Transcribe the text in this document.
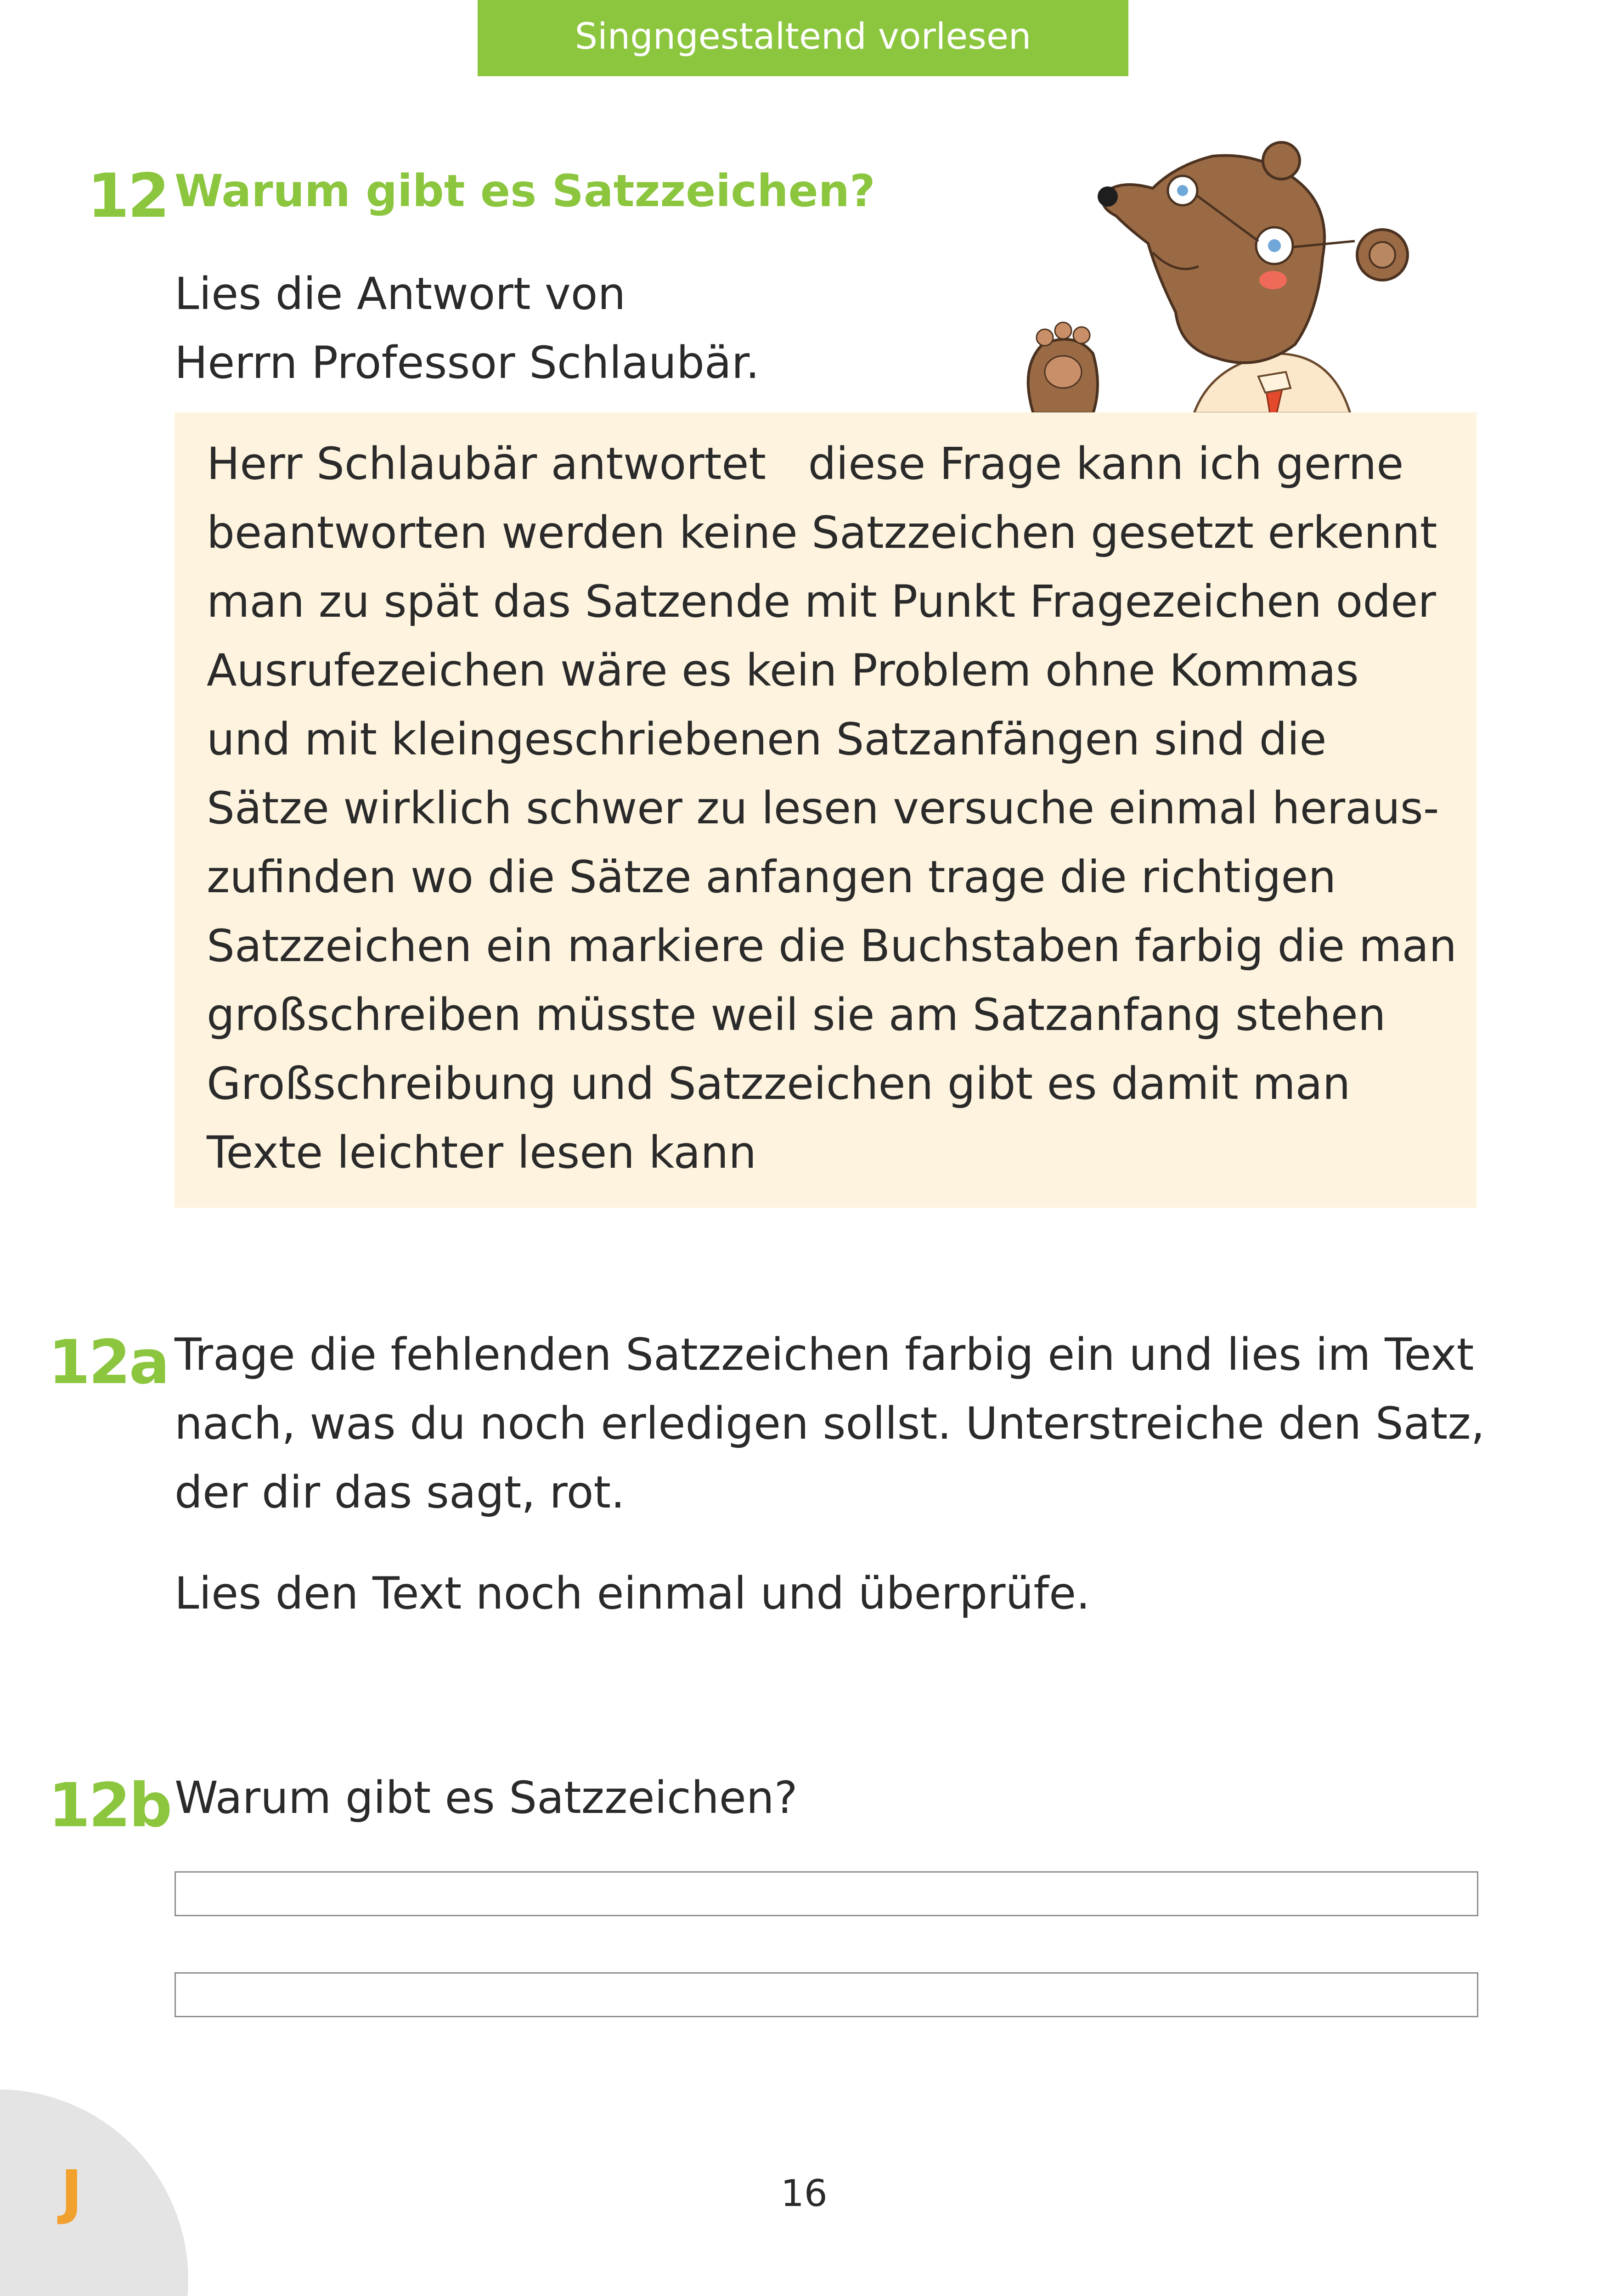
Singngestaltend vorlesen
12 Warum gibt es Satzzeichen?
Lies die Antwort von
Herrn Professor Schlaubär.
Herr Schlaubär antwortet   diese Frage kann ich gerne
beantworten werden keine Satzzeichen gesetzt erkennt
man zu spät das Satzende mit Punkt Fragezeichen oder
Ausrufezeichen wäre es kein Problem ohne Kommas
und mit kleingeschriebenen Satzanfängen sind die
Sätze wirklich schwer zu lesen versuche einmal heraus-
zufinden wo die Sätze anfangen trage die richtigen
Satzzeichen ein markiere die Buchstaben farbig die man
großschreiben müsste weil sie am Satzanfang stehen
Großschreibung und Satzzeichen gibt es damit man
Texte leichter lesen kann
12a Trage die fehlenden Satzzeichen farbig ein und lies im Text
nach, was du noch erledigen sollst. Unterstreiche den Satz,
der dir das sagt, rot.
Lies den Text noch einmal und überprüfe.
12b Warum gibt es Satzzeichen?
J	16
